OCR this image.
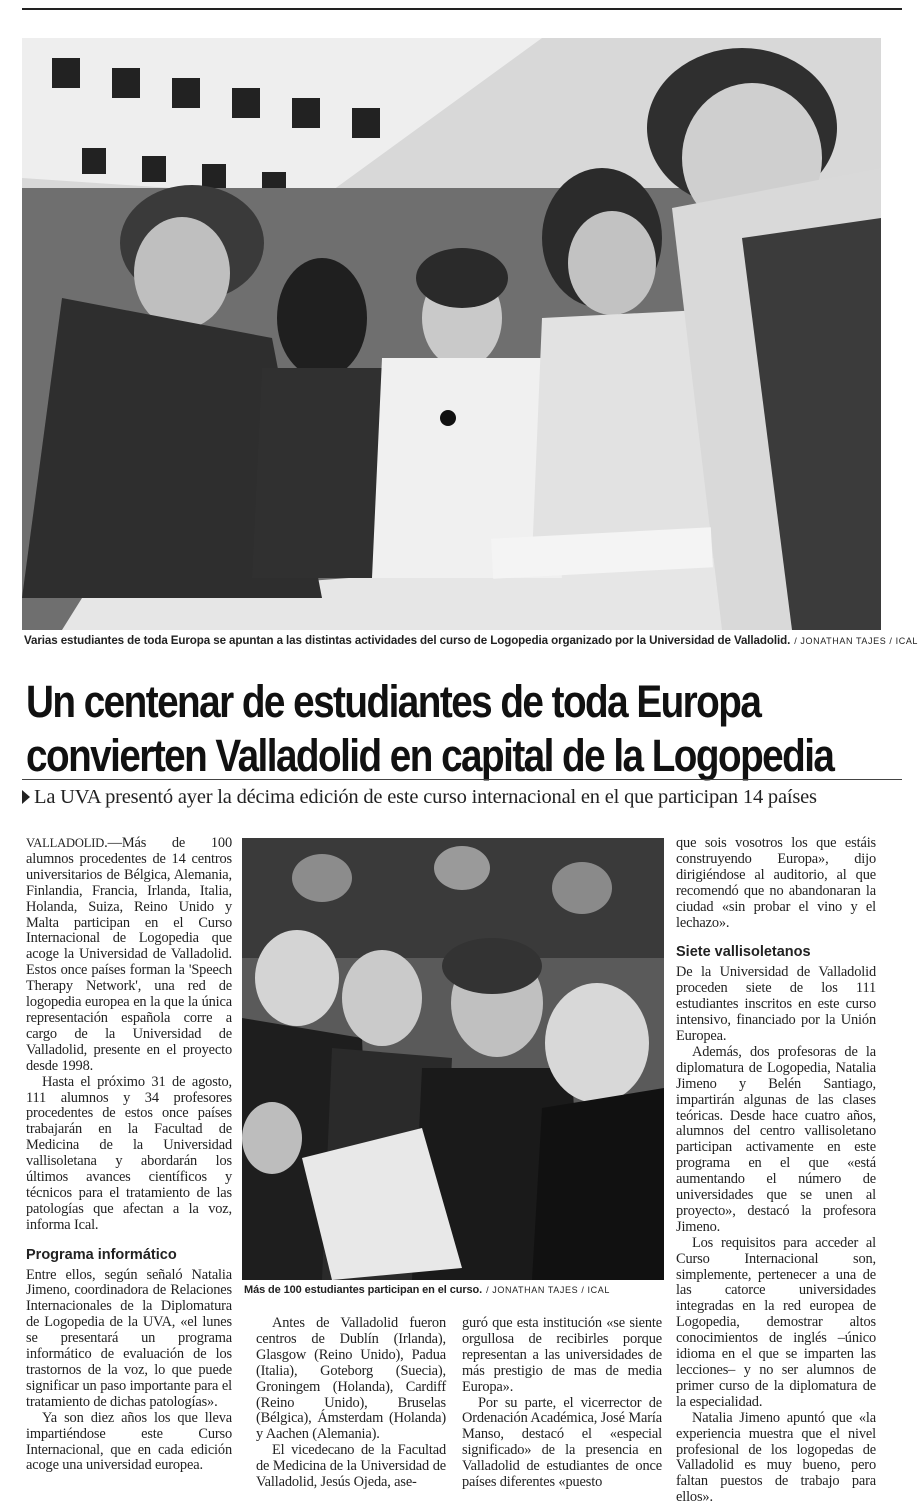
Varias estudiantes de toda Europa se apuntan a las distintas actividades del curso de Logopedia organizado por la Universidad de Valladolid. / JONATHAN TAJES / ICAL
Un centenar de estudiantes de toda Europa
convierten Valladolid en capital de la Logopedia
La UVA presentó ayer la décima edición de este curso internacional en el que participan 14 países

VALLADOLID.—Más de 100 alumnos procedentes de 14 centros universitarios de Bélgica, Alemania, Finlandia, Francia, Irlanda, Italia, Holanda, Suiza, Reino Unido y Malta participan en el Curso Internacional de Logopedia que acoge la Universidad de Valladolid. Estos once países forman la 'Speech Therapy Network', una red de logopedia europea en la que la única representación española corre a cargo de la Universidad de Valladolid, presente en el proyecto desde 1998.

Hasta el próximo 31 de agosto, 111 alumnos y 34 profesores procedentes de estos once países trabajarán en la Facultad de Medicina de la Universidad vallisoletana y abordarán los últimos avances científicos y técnicos para el tratamiento de las patologías que afectan a la voz, informa Ical.

Programa informático

Entre ellos, según señaló Natalia Jimeno, coordinadora de Relaciones Internacionales de la Diplomatura de Logopedia de la UVA, «el lunes se presentará un programa informático de evaluación de los trastornos de la voz, lo que puede significar un paso importante para el tratamiento de dichas patologías».

Ya son diez años los que lleva impartiéndose este Curso Internacional, que en cada edición acoge una universidad europea.

Más de 100 estudiantes participan en el curso. / JONATHAN TAJES / ICAL

Antes de Valladolid fueron centros de Dublín (Irlanda), Glasgow (Reino Unido), Padua (Italia), Goteborg (Suecia), Groningem (Holanda), Cardiff (Reino Unido), Bruselas (Bélgica), Ámsterdam (Holanda) y Aachen (Alemania).

El vicedecano de la Facultad de Medicina de la Universidad de Valladolid, Jesús Ojeda, ase-

guró que esta institución «se siente orgullosa de recibirles porque representan a las universidades de más prestigio de mas de media Europa».

Por su parte, el vicerrector de Ordenación Académica, José María Manso, destacó el «especial significado» de la presencia en Valladolid de estudiantes de once países diferentes «puesto

que sois vosotros los que estáis construyendo Europa», dijo dirigiéndose al auditorio, al que recomendó que no abandonaran la ciudad «sin probar el vino y el lechazo».

Siete vallisoletanos

De la Universidad de Valladolid proceden siete de los 111 estudiantes inscritos en este curso intensivo, financiado por la Unión Europea.

Además, dos profesoras de la diplomatura de Logopedia, Natalia Jimeno y Belén Santiago, impartirán algunas de las clases teóricas. Desde hace cuatro años, alumnos del centro vallisoletano participan activamente en este programa en el que «está aumentando el número de universidades que se unen al proyecto», destacó la profesora Jimeno.

Los requisitos para acceder al Curso Internacional son, simplemente, pertenecer a una de las catorce universidades integradas en la red europea de Logopedia, demostrar altos conocimientos de inglés –único idioma en el que se imparten las lecciones– y no ser alumnos de primer curso de la diplomatura de la especialidad.

Natalia Jimeno apuntó que «la experiencia muestra que el nivel profesional de los logopedas de Valladolid es muy bueno, pero faltan puestos de trabajo para ellos».
